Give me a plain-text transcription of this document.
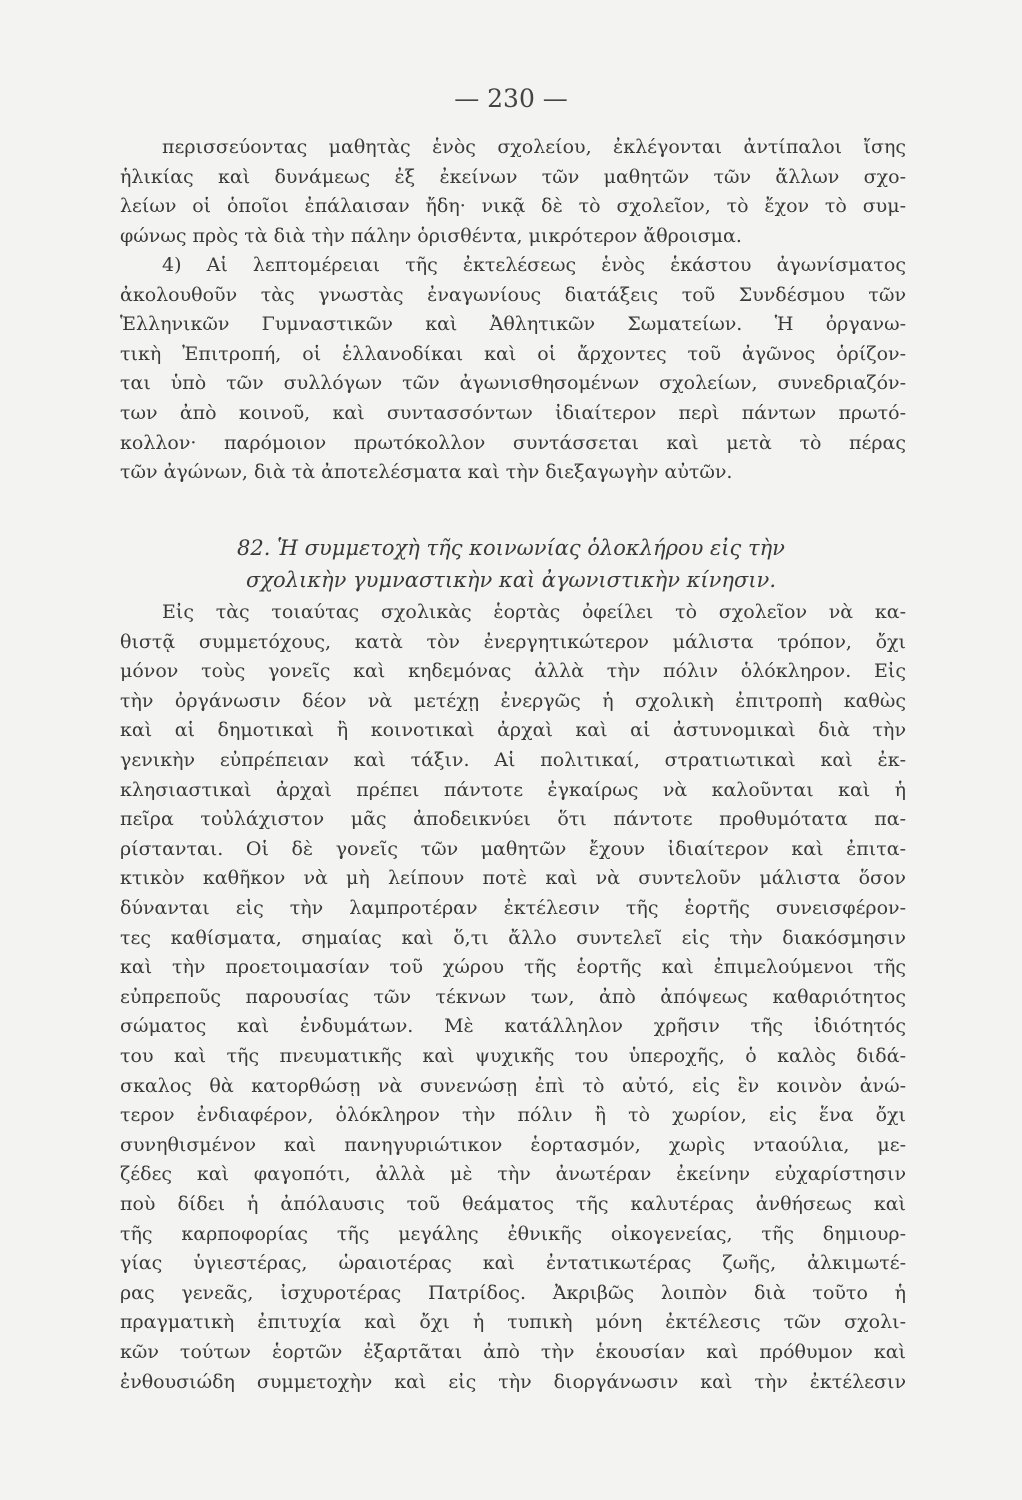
— 230 —
περισσεύοντας μαθητὰς ἑνὸς σχολείου, ἐκλέγονται ἀντίπαλοι ἴσης
ἡλικίας καὶ δυνάμεως ἐξ ἐκείνων τῶν μαθητῶν τῶν ἄλλων σχο-
λείων οἱ ὁποῖοι ἐπάλαισαν ἤδη· νικᾷ δὲ τὸ σχολεῖον, τὸ ἔχον τὸ συμ-
φώνως πρὸς τὰ διὰ τὴν πάλην ὁρισθέντα, μικρότερον ἄθροισμα.
4) Αἱ λεπτομέρειαι τῆς ἐκτελέσεως ἑνὸς ἑκάστου ἀγωνίσματος
ἀκολουθοῦν τὰς γνωστὰς ἐναγωνίους διατάξεις τοῦ Συνδέσμου τῶν
Ἑλληνικῶν Γυμναστικῶν καὶ Ἀθλητικῶν Σωματείων. Ἡ ὀργανω-
τικὴ Ἐπιτροπή, οἱ ἑλλανοδίκαι καὶ οἱ ἄρχοντες τοῦ ἀγῶνος ὁρίζον-
ται ὑπὸ τῶν συλλόγων τῶν ἀγωνισθησομένων σχολείων, συνεδριαζόν-
των ἀπὸ κοινοῦ, καὶ συντασσόντων ἰδιαίτερον περὶ πάντων πρωτό-
κολλον· παρόμοιον πρωτόκολλον συντάσσεται καὶ μετὰ τὸ πέρας
τῶν ἀγώνων, διὰ τὰ ἀποτελέσματα καὶ τὴν διεξαγωγὴν αὐτῶν.
Εἰς τὰς τοιαύτας σχολικὰς ἑορτὰς ὀφείλει τὸ σχολεῖον νὰ κα-
θιστᾷ συμμετόχους, κατὰ τὸν ἐνεργητικώτερον μάλιστα τρόπον, ὄχι
μόνον τοὺς γονεῖς καὶ κηδεμόνας ἀλλὰ τὴν πόλιν ὁλόκληρον. Εἰς
τὴν ὀργάνωσιν δέον νὰ μετέχῃ ἐνεργῶς ἡ σχολικὴ ἐπιτροπὴ καθὼς
καὶ αἱ δημοτικαὶ ἢ κοινοτικαὶ ἀρχαὶ καὶ αἱ ἀστυνομικαὶ διὰ τὴν
γενικὴν εὐπρέπειαν καὶ τάξιν. Αἱ πολιτικαί, στρατιωτικαὶ καὶ ἐκ-
κλησιαστικαὶ ἀρχαὶ πρέπει πάντοτε ἐγκαίρως νὰ καλοῦνται καὶ ἡ
πεῖρα τοὐλάχιστον μᾶς ἀποδεικνύει ὅτι πάντοτε προθυμότατα πα-
ρίστανται. Οἱ δὲ γονεῖς τῶν μαθητῶν ἔχουν ἰδιαίτερον καὶ ἐπιτα-
κτικὸν καθῆκον νὰ μὴ λείπουν ποτὲ καὶ νὰ συντελοῦν μάλιστα ὅσον
δύνανται εἰς τὴν λαμπροτέραν ἐκτέλεσιν τῆς ἑορτῆς συνεισφέρον-
τες καθίσματα, σημαίας καὶ ὅ,τι ἄλλο συντελεῖ εἰς τὴν διακόσμησιν
καὶ τὴν προετοιμασίαν τοῦ χώρου τῆς ἑορτῆς καὶ ἐπιμελούμενοι τῆς
εὐπρεποῦς παρουσίας τῶν τέκνων των, ἀπὸ ἀπόψεως καθαριότητος
σώματος καὶ ἐνδυμάτων. Μὲ κατάλληλον χρῆσιν τῆς ἰδιότητός
του καὶ τῆς πνευματικῆς καὶ ψυχικῆς του ὑπεροχῆς, ὁ καλὸς διδά-
σκαλος θὰ κατορθώσῃ νὰ συνενώσῃ ἐπὶ τὸ αὐτό, εἰς ἓν κοινὸν ἀνώ-
τερον ἐνδιαφέρον, ὁλόκληρον τὴν πόλιν ἢ τὸ χωρίον, εἰς ἕνα ὄχι
συνηθισμένον καὶ πανηγυριώτικον ἑορτασμόν, χωρὶς νταούλια, με-
ζέδες καὶ φαγοπότι, ἀλλὰ μὲ τὴν ἀνωτέραν ἐκείνην εὐχαρίστησιν
ποὺ δίδει ἡ ἀπόλαυσις τοῦ θεάματος τῆς καλυτέρας ἀνθήσεως καὶ
τῆς καρποφορίας τῆς μεγάλης ἐθνικῆς οἰκογενείας, τῆς δημιουρ-
γίας ὑγιεστέρας, ὡραιοτέρας καὶ ἐντατικωτέρας ζωῆς, ἀλκιμωτέ-
ρας γενεᾶς, ἰσχυροτέρας Πατρίδος. Ἀκριβῶς λοιπὸν διὰ τοῦτο ἡ
πραγματικὴ ἐπιτυχία καὶ ὄχι ἡ τυπικὴ μόνη ἐκτέλεσις τῶν σχολι-
κῶν τούτων ἑορτῶν ἐξαρτᾶται ἀπὸ τὴν ἑκουσίαν καὶ πρόθυμον καὶ
ἐνθουσιώδη συμμετοχὴν καὶ εἰς τὴν διοργάνωσιν καὶ τὴν ἐκτέλεσιν
82. Ἡ συμμετοχὴ τῆς κοινωνίας ὁλοκλήρου εἰς τὴν
σχολικὴν γυμναστικὴν καὶ ἀγωνιστικὴν κίνησιν.
